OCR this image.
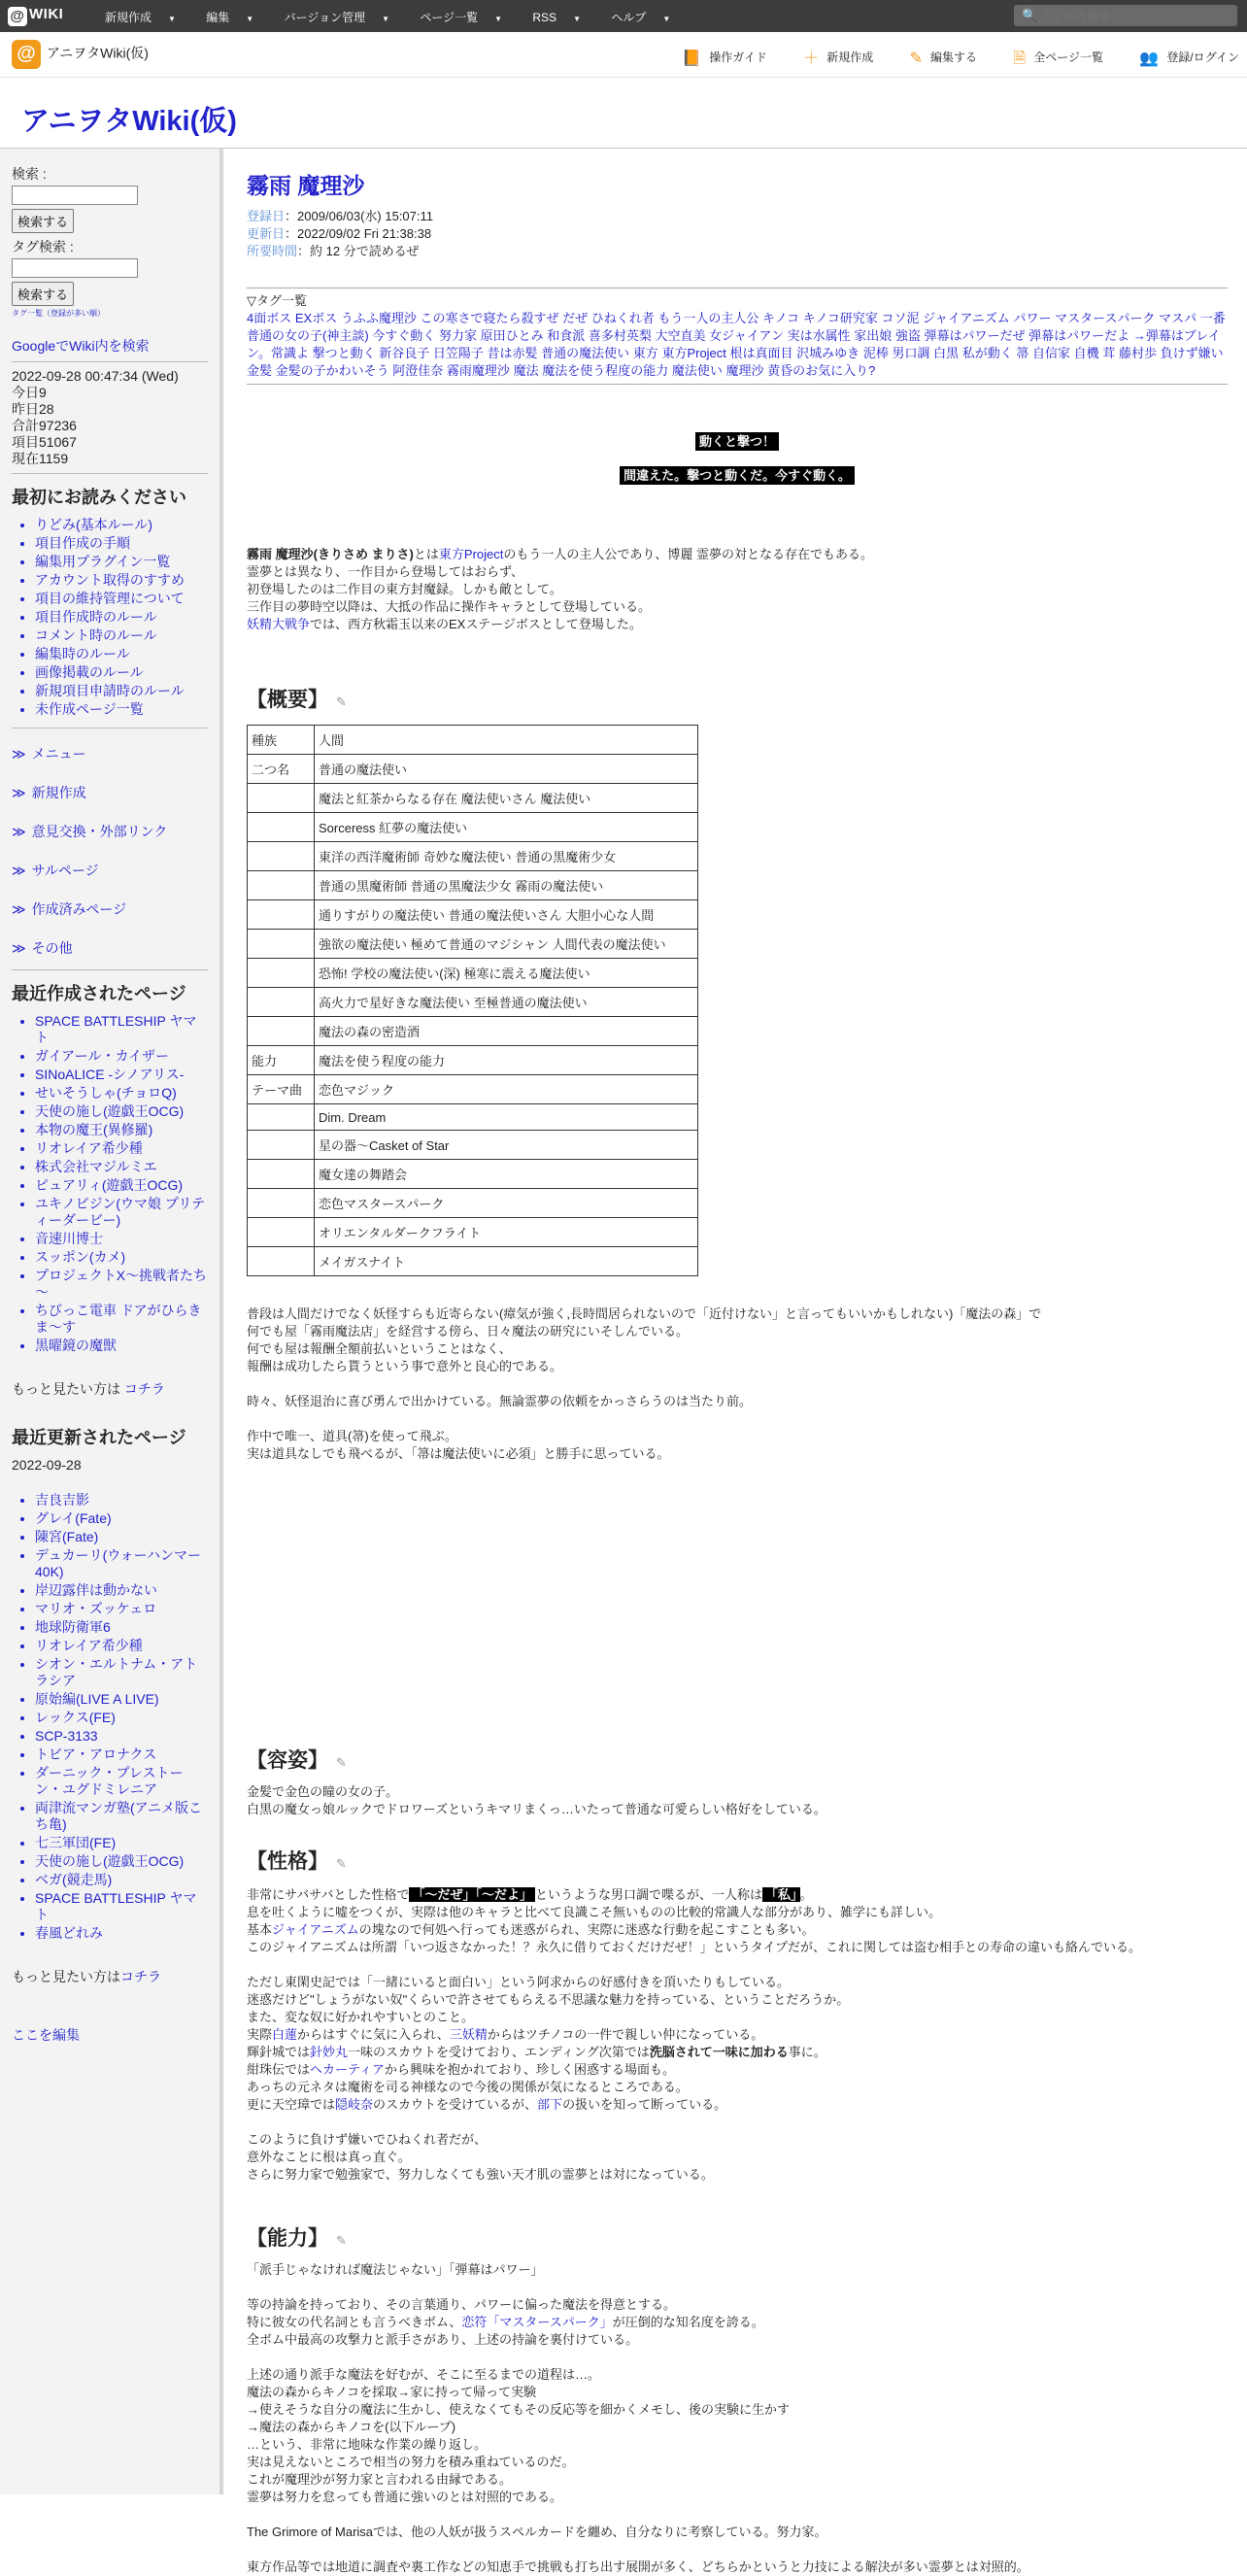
@ WIKI	新規作成 ▼	編集 ▼	バージョン管理 ▼	ページ一覧 ▼	RSS ▼	ヘルプ ▼	🔍
ウィキ内検索
@ アニヲタWiki(仮)	📙 操作ガイド ＋ 新規作成 ✎ 編集する 🗎 全ページ一覧 👥 登録/ログイン
アニヲタWiki(仮)
検索 :

検索する
タグ検索 :

検索する
タグ一覧（登録が多い順）
GoogleでWiki内を検索
2022-09-28 00:47:34 (Wed)
今日9
昨日28
合計97236
項目51067
現在1159
最初にお読みください
• りどみ(基本ルール)
• 項目作成の手順
• 編集用プラグイン一覧
• アカウント取得のすすめ
• 項目の維持管理について
• 項目作成時のルール
• コメント時のルール
• 編集時のルール
• 画像掲載のルール
• 新規項目申請時のルール
• 未作成ページ一覧
≫ メニュー
≫ 新規作成
≫ 意見交換・外部リンク
≫ サルページ
≫ 作成済みページ
≫ その他
最近作成されたページ
• SPACE BATTLESHIP ヤマト
• ガイアール・カイザー
• SINoALICE -シノアリス-
• せいそうしゃ(チョロQ)
• 天使の施し(遊戯王OCG)
• 本物の魔王(異修羅)
• リオレイア希少種
• 株式会社マジルミエ
• ピュアリィ(遊戯王OCG)
• ユキノビジン(ウマ娘 プリティーダービー)
• 音速川博士
• スッポン(カメ)
• プロジェクトX～挑戦者たち～
• ちびっこ電車 ドアがひらきま～す
• 黒曜鏡の魔獣
もっと見たい方は コチラ
最近更新されたページ
2022-09-28
• 吉良吉影
• グレイ(Fate)
• 陳宮(Fate)
• デュカーリ(ウォーハンマー40K)
• 岸辺露伴は動かない
• マリオ・ズッケェロ
• 地球防衛軍6
• リオレイア希少種
• シオン・エルトナム・アトラシア
• 原始編(LIVE A LIVE)
• レックス(FE)
• SCP-3133
• トビア・アロナクス
• ダーニック・プレストーン・ユグドミレニア
• 両津流マンガ塾(アニメ版こち亀)
• 七三軍団(FE)
• 天使の施し(遊戯王OCG)
• ベガ(競走馬)
• SPACE BATTLESHIP ヤマト
• 春風どれみ
もっと見たい方はコチラ
ここを編集
霧雨 魔理沙
登録日：2009/06/03(水) 15:07:11
更新日：2022/09/02 Fri 21:38:38
所要時間：約 12 分で読めるぜ
▽タグ一覧
4面ボス EXボス うふふ魔理沙 この寒さで寝たら殺すぜ だぜ ひねくれ者 もう一人の主人公 キノコ キノコ研究家 コソ泥 ジャイアニズム パワー マスタースパーク マスパ 一番普通の女の子(神主談) 今すぐ動く 努力家 原田ひとみ 和食派 喜多村英梨 大空直美 女ジャイアン 実は水属性 家出娘 強盗 弾幕はパワーだぜ 弾幕はパワーだよ →弾幕はブレイン。常識よ 撃つと動く 新谷良子 日笠陽子 昔は赤髪 普通の魔法使い 東方 東方Project 根は真面目 沢城みゆき 泥棒 男口調 白黒 私が動く 箒 自信家 自機 茸 藤村歩 負けず嫌い 金髪 金髪の子かわいそう 阿澄佳奈 霧雨魔理沙 魔法 魔法を使う程度の能力 魔法使い 魔理沙 黄昏のお気に入り?
動くと撃つ！
間違えた。撃つと動くだ。今すぐ動く。

霧雨 魔理沙(きりさめ まりさ)とは東方Projectのもう一人の主人公であり、博麗 霊夢の対となる存在でもある。

霊夢とは異なり、一作目から登場してはおらず、

初登場したのは二作目の東方封魔録。しかも敵として。

三作目の夢時空以降は、大抵の作品に操作キャラとして登場している。

妖精大戦争では、西方秋霜玉以来のEXステージボスとして登場した。

【概要】 ✎
種族	人間
二つ名	普通の魔法使い
	魔法と紅茶からなる存在 魔法使いさん 魔法使い
	Sorceress 紅夢の魔法使い
	東洋の西洋魔術師 奇妙な魔法使い 普通の黒魔術少女
	普通の黒魔術師 普通の黒魔法少女 霧雨の魔法使い
	通りすがりの魔法使い 普通の魔法使いさん 大胆小心な人間
	強欲の魔法使い 極めて普通のマジシャン 人間代表の魔法使い
	恐怖! 学校の魔法使い(深) 極寒に震える魔法使い
	高火力で星好きな魔法使い 至極普通の魔法使い
	魔法の森の密造酒
能力	魔法を使う程度の能力
テーマ曲	恋色マジック
	Dim. Dream
	星の器～Casket of Star
	魔女達の舞踏会
	恋色マスタースパーク
	オリエンタルダークフライト
	メイガスナイト

普段は人間だけでなく妖怪すらも近寄らない(瘴気が強く,長時間居られないので「近付けない」と言ってもいいかもしれない)「魔法の森」で

何でも屋「霧雨魔法店」を経営する傍ら、日々魔法の研究にいそしんでいる。

何でも屋は報酬全額前払いということはなく、

報酬は成功したら貰うという事で意外と良心的である。

時々、妖怪退治に喜び勇んで出かけている。無論霊夢の依頼をかっさらうのは当たり前。

作中で唯一、道具(箒)を使って飛ぶ。

実は道具なしでも飛べるが、「箒は魔法使いに必須」と勝手に思っている。

【容姿】 ✎

金髪で金色の瞳の女の子。

白黒の魔女っ娘ルックでドロワーズというキマリまくっ…いたって普通な可愛らしい格好をしている。

【性格】 ✎

非常にサバサバとした性格で 「～だぜ」「～だよ」 というような男口調で喋るが、一人称は 「私」 。

息を吐くように嘘をつくが、実際は他のキャラと比べて良識こそ無いものの比較的常識人な部分があり、雑学にも詳しい。

基本ジャイアニズムの塊なので何処へ行っても迷惑がられ、実際に迷惑な行動を起こすことも多い。

このジャイアニズムは所謂「いつ返さなかった！？永久に借りておくだけだぜ！」というタイプだが、これに関しては盗む相手との寿命の違いも絡んでいる。

ただし東閑史記では「一緒にいると面白い」という阿求からの好感付きを頂いたりもしている。

迷惑だけど"しょうがない奴"くらいで許させてもらえる不思議な魅力を持っている、ということだろうか。

また、変な奴に好かれやすいとのこと。

実際白蓮からはすぐに気に入られ、三妖精からはツチノコの一件で親しい仲になっている。

輝針城では針妙丸一味のスカウトを受けており、エンディング次第では洗脳されて一味に加わる事に。

紺珠伝ではヘカーティアから興味を抱かれており、珍しく困惑する場面も。

あっちの元ネタは魔術を司る神様なので今後の関係が気になるところである。

更に天空璋では隠岐奈のスカウトを受けているが、部下の扱いを知って断っている。

このように負けず嫌いでひねくれ者だが、

意外なことに根は真っ直ぐ。

さらに努力家で勉強家で、努力しなくても強い天才肌の霊夢とは対になっている。

【能力】 ✎

「派手じゃなければ魔法じゃない」「弾幕はパワー」

等の持論を持っており、その言葉通り、パワーに偏った魔法を得意とする。

特に彼女の代名詞とも言うべきボム、恋符「マスタースパーク」が圧倒的な知名度を誇る。

全ボム中最高の攻撃力と派手さがあり、上述の持論を裏付けている。

上述の通り派手な魔法を好むが、そこに至るまでの道程は…。

魔法の森からキノコを採取→家に持って帰って実験

→使えそうな自分の魔法に生かし、使えなくてもその反応等を細かくメモし、後の実験に生かす

→魔法の森からキノコを(以下ループ)

…という、非常に地味な作業の繰り返し。

実は見えないところで相当の努力を積み重ねているのだ。

これが魔理沙が努力家と言われる由縁である。

霊夢は努力を怠っても普通に強いのとは対照的である。

The Grimore of Marisaでは、他の人妖が扱うスペルカードを纏め、自分なりに考察している。努力家。

東方作品等では地道に調査や裏工作などの知恵手で挑戦も打ち出す展開が多く、どちらかというと力技による解決が多い霊夢とは対照的。
